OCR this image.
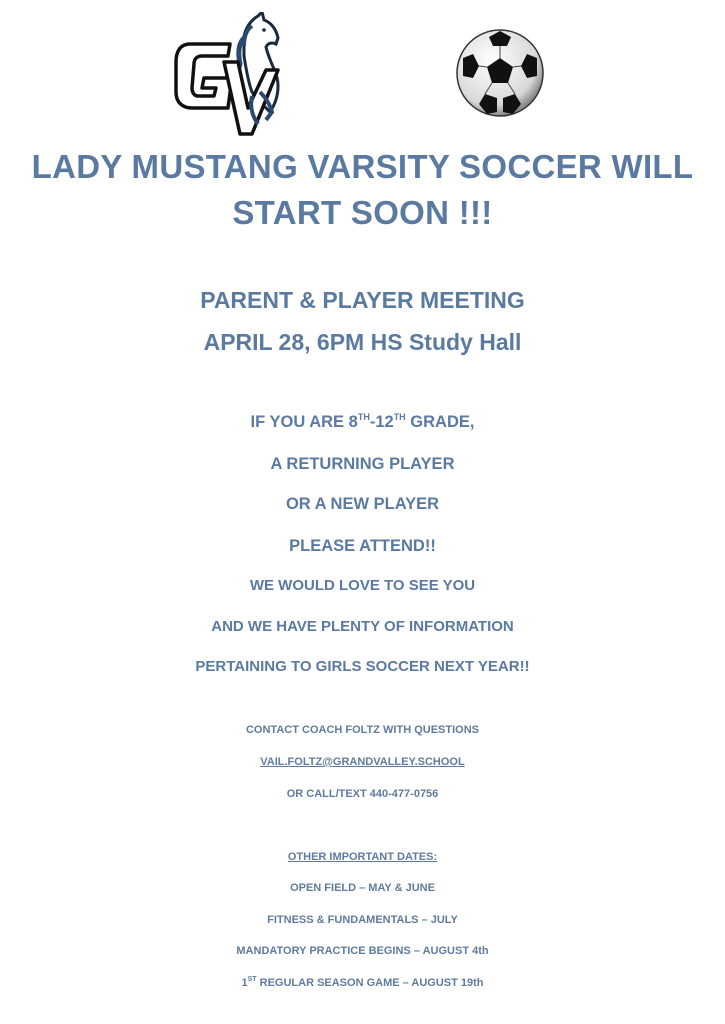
LADY MUSTANG VARSITY SOCCER WILL
START SOON !!!
PARENT & PLAYER MEETING
APRIL 28, 6PM HS Study Hall
IF YOU ARE 8TH-12TH GRADE,
A RETURNING PLAYER
OR A NEW PLAYER
PLEASE ATTEND!!
WE WOULD LOVE TO SEE YOU
AND WE HAVE PLENTY OF INFORMATION
PERTAINING TO GIRLS SOCCER NEXT YEAR!!
CONTACT COACH FOLTZ WITH QUESTIONS
VAIL.FOLTZ@GRANDVALLEY.SCHOOL
OR CALL/TEXT 440-477-0756
OTHER IMPORTANT DATES:
OPEN FIELD – MAY & JUNE
FITNESS & FUNDAMENTALS – JULY
MANDATORY PRACTICE BEGINS – AUGUST 4th
1ST REGULAR SEASON GAME – AUGUST 19th
